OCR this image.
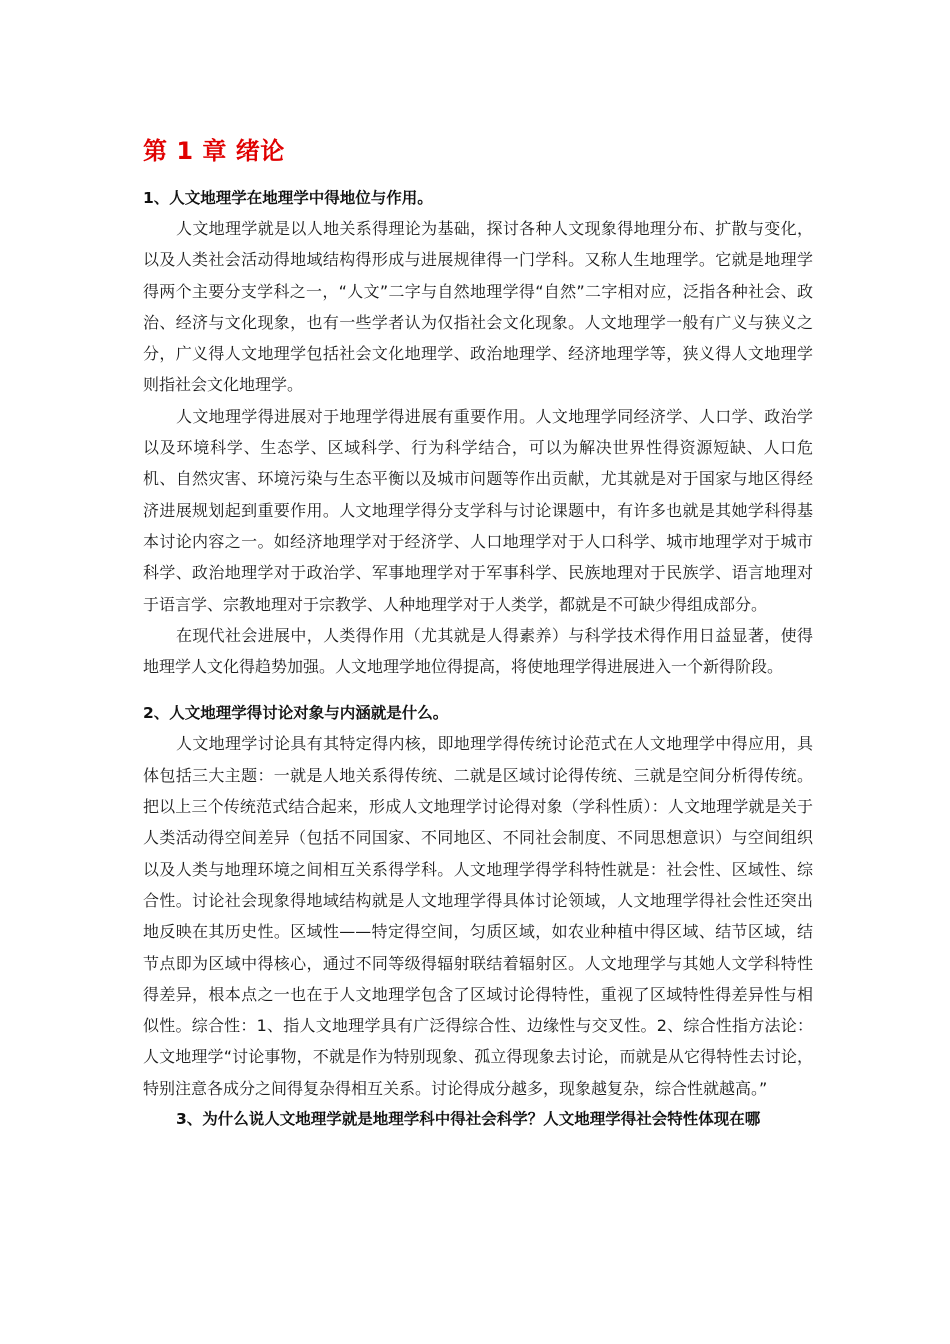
第 1 章 绪论
1、人文地理学在地理学中得地位与作用。

人文地理学就是以人地关系得理论为基础，探讨各种人文现象得地理分布、扩散与变化，以及人类社会活动得地域结构得形成与进展规律得一门学科。又称人生地理学。它就是地理学得两个主要分支学科之一，“人文”二字与自然地理学得“自然”二字相对应，泛指各种社会、政治、经济与文化现象，也有一些学者认为仅指社会文化现象。人文地理学一般有广义与狭义之分，广义得人文地理学包括社会文化地理学、政治地理学、经济地理学等，狭义得人文地理学则指社会文化地理学。

人文地理学得进展对于地理学得进展有重要作用。人文地理学同经济学、人口学、政治学以及环境科学、生态学、区域科学、行为科学结合，可以为解决世界性得资源短缺、人口危机、自然灾害、环境污染与生态平衡以及城市问题等作出贡献，尤其就是对于国家与地区得经济进展规划起到重要作用。人文地理学得分支学科与讨论课题中，有许多也就是其她学科得基本讨论内容之一。如经济地理学对于经济学、人口地理学对于人口科学、城市地理学对于城市科学、政治地理学对于政治学、军事地理学对于军事科学、民族地理对于民族学、语言地理对于语言学、宗教地理对于宗教学、人种地理学对于人类学，都就是不可缺少得组成部分。

在现代社会进展中，人类得作用（尤其就是人得素养）与科学技术得作用日益显著，使得地理学人文化得趋势加强。人文地理学地位得提高，将使地理学得进展进入一个新得阶段。

2、人文地理学得讨论对象与内涵就是什么。

人文地理学讨论具有其特定得内核，即地理学得传统讨论范式在人文地理学中得应用，具体包括三大主题：一就是人地关系得传统、二就是区域讨论得传统、三就是空间分析得传统。把以上三个传统范式结合起来，形成人文地理学讨论得对象（学科性质）：人文地理学就是关于人类活动得空间差异（包括不同国家、不同地区、不同社会制度、不同思想意识）与空间组织以及人类与地理环境之间相互关系得学科。人文地理学得学科特性就是：社会性、区域性、综合性。讨论社会现象得地域结构就是人文地理学得具体讨论领域，人文地理学得社会性还突出地反映在其历史性。区域性——特定得空间，匀质区域，如农业种植中得区域、结节区域，结节点即为区域中得核心，通过不同等级得辐射联结着辐射区。人文地理学与其她人文学科特性得差异，根本点之一也在于人文地理学包含了区域讨论得特性，重视了区域特性得差异性与相似性。综合性：1、指人文地理学具有广泛得综合性、边缘性与交叉性。2、综合性指方法论：人文地理学“讨论事物，不就是作为特别现象、孤立得现象去讨论，而就是从它得特性去讨论，特别注意各成分之间得复杂得相互关系。讨论得成分越多，现象越复杂，综合性就越高。”

3、为什么说人文地理学就是地理学科中得社会科学？人文地理学得社会特性体现在哪
